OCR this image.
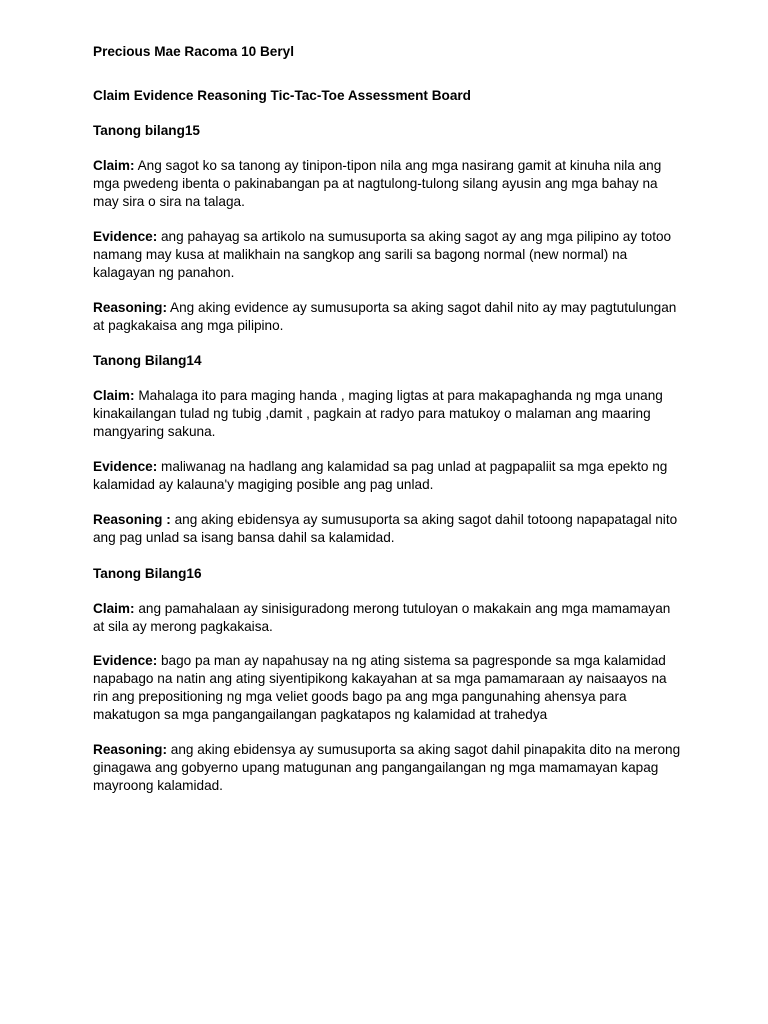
Precious Mae Racoma 10 Beryl
Claim Evidence Reasoning Tic-Tac-Toe Assessment Board
Tanong bilang15
Claim: Ang sagot ko sa tanong ay tinipon-tipon nila ang mga nasirang gamit at kinuha nila ang mga pwedeng ibenta o pakinabangan pa at nagtulong-tulong silang ayusin ang mga bahay na may sira o sira na talaga.
Evidence: ang pahayag sa artikolo na sumusuporta sa aking sagot ay ang mga pilipino ay totoo namang may kusa at malikhain na sangkop ang sarili sa bagong normal (new normal) na kalagayan ng panahon.
Reasoning: Ang aking evidence ay sumusuporta sa aking sagot dahil nito ay may pagtutulungan at pagkakaisa ang mga pilipino.
Tanong Bilang14
Claim: Mahalaga ito para maging handa , maging ligtas at para makapaghanda ng mga unang kinakailangan tulad ng tubig ,damit , pagkain at radyo para matukoy o malaman ang maaring mangyaring sakuna.
Evidence: maliwanag na hadlang ang kalamidad sa pag unlad at pagpapaliit sa mga epekto ng kalamidad ay kalauna'y magiging posible ang pag unlad.
Reasoning : ang aking ebidensya ay sumusuporta sa aking sagot dahil totoong napapatagal nito ang pag unlad sa isang bansa dahil sa kalamidad.
Tanong Bilang16
Claim: ang pamahalaan ay sinisiguradong merong tutuloyan o makakain ang mga mamamayan at sila ay merong pagkakaisa.
Evidence: bago pa man ay napahusay na ng ating sistema sa pagresponde sa mga kalamidad napabago na natin ang ating siyentipikong kakayahan at sa mga pamamaraan ay naisaayos na rin ang prepositioning ng mga veliet goods bago pa ang mga pangunahing ahensya para makatugon sa mga pangangailangan pagkatapos ng kalamidad at trahedya
Reasoning: ang aking ebidensya ay sumusuporta sa aking sagot dahil pinapakita dito na merong ginagawa ang gobyerno upang matugunan ang pangangailangan ng mga mamamayan kapag mayroong kalamidad.
